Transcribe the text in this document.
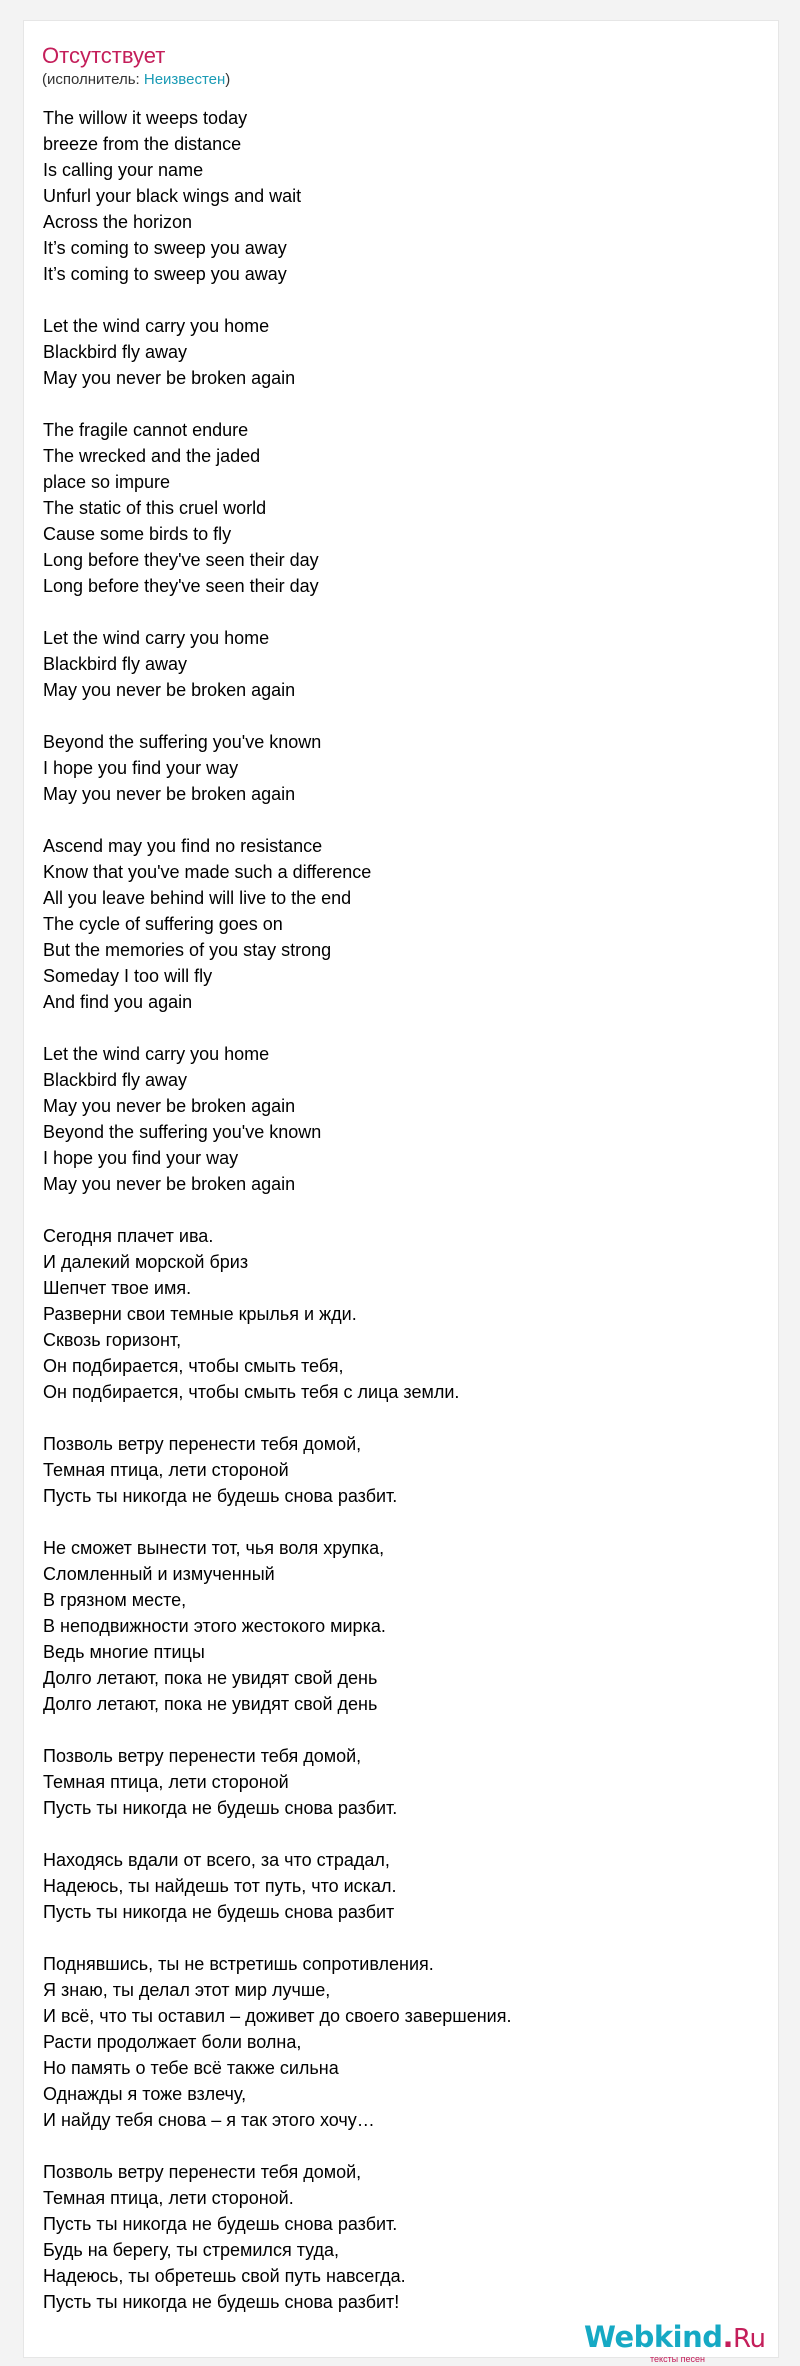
Отсутствует
(исполнитель: Неизвестен)
The willow it weeps today
breeze from the distance
Is calling your name
Unfurl your black wings and wait
Across the horizon
It’s coming to sweep you away
It’s coming to sweep you away
Let the wind carry you home
Blackbird fly away
May you never be broken again
The fragile cannot endure
The wrecked and the jaded
place so impure
The static of this cruel world
Cause some birds to fly
Long before they've seen their day
Long before they've seen their day
Let the wind carry you home
Blackbird fly away
May you never be broken again
Beyond the suffering you've known
I hope you find your way
May you never be broken again
Ascend may you find no resistance
Know that you've made such a difference
All you leave behind will live to the end
The cycle of suffering goes on
But the memories of you stay strong
Someday I too will fly
And find you again
Let the wind carry you home
Blackbird fly away
May you never be broken again
Beyond the suffering you've known
I hope you find your way
May you never be broken again
Сегодня плачет ива.
И далекий морской бриз
Шепчет твое имя.
Разверни свои темные крылья и жди.
Сквозь горизонт,
Он подбирается, чтобы смыть тебя,
Он подбирается, чтобы смыть тебя с лица земли.
Позволь ветру перенести тебя домой,
Темная птица, лети стороной
Пусть ты никогда не будешь снова разбит.
Не сможет вынести тот, чья воля хрупка,
Сломленный и измученный
В грязном месте,
В неподвижности этого жестокого мирка.
Ведь многие птицы
Долго летают, пока не увидят свой день
Долго летают, пока не увидят свой день
Позволь ветру перенести тебя домой,
Темная птица, лети стороной
Пусть ты никогда не будешь снова разбит.
Находясь вдали от всего, за что страдал,
Надеюсь, ты найдешь тот путь, что искал.
Пусть ты никогда не будешь снова разбит
Поднявшись, ты не встретишь сопротивления.
Я знаю, ты делал этот мир лучше,
И всё, что ты оставил – доживет до своего завершения.
Расти продолжает боли волна,
Но память о тебе всё также сильна
Однажды я тоже взлечу,
И найду тебя снова – я так этого хочу…
Позволь ветру перенести тебя домой,
Темная птица, лети стороной.
Пусть ты никогда не будешь снова разбит.
Будь на берегу, ты стремился туда,
Надеюсь, ты обретешь свой путь навсегда.
Пусть ты никогда не будешь снова разбит!
Webkind.Ru
тексты песен
